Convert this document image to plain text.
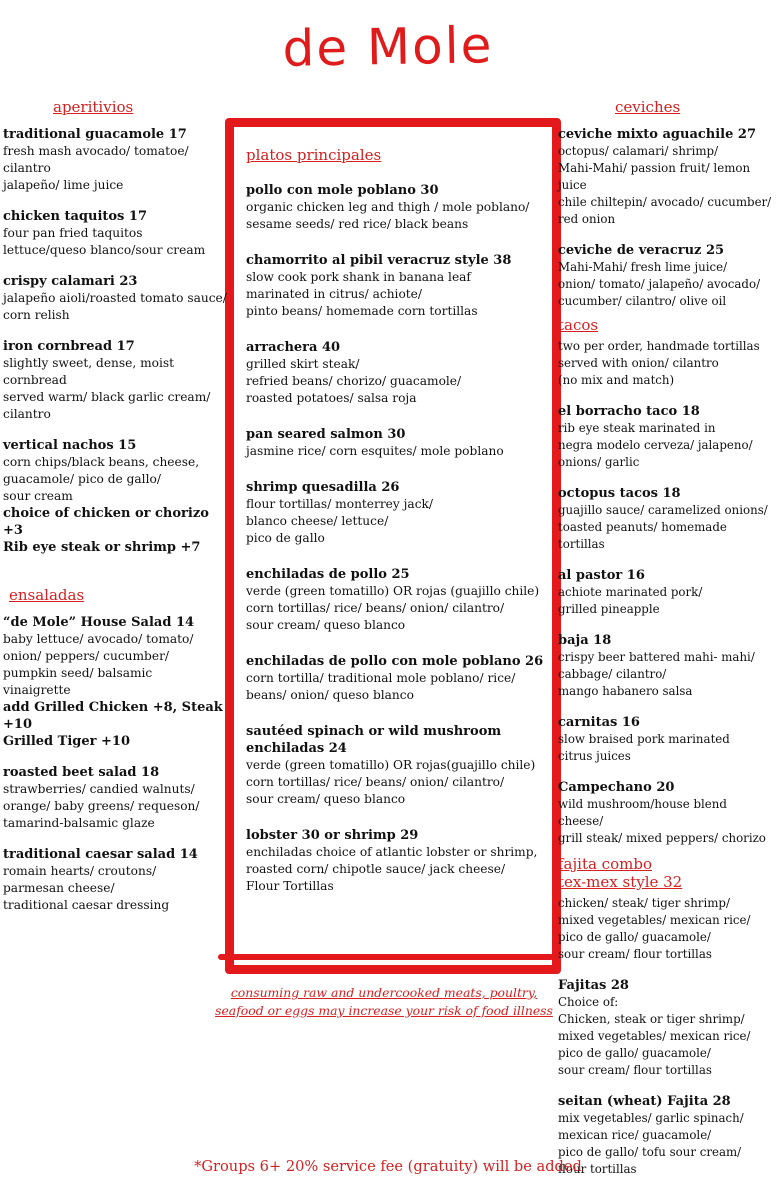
de Mole
aperitivios
traditional guacamole 17
fresh mash avocado/ tomatoe/ cilantro
jalapeño/ lime juice
chicken taquitos 17
four pan fried taquitos
lettuce/queso blanco/sour cream
crispy calamari 23
jalapeño aioli/roasted tomato sauce/
corn relish
iron cornbread 17
slightly sweet, dense, moist cornbread
served warm/ black garlic cream/
cilantro
vertical nachos 15
corn chips/black beans, cheese,
guacamole/ pico de gallo/
sour cream
choice of chicken or chorizo +3
Rib eye steak or shrimp +7
ensaladas
“de Mole” House Salad 14
baby lettuce/ avocado/ tomato/
onion/ peppers/ cucumber/
pumpkin seed/ balsamic
vinaigrette
add Grilled Chicken +8, Steak +10
Grilled Tiger +10
roasted beet salad 18
strawberries/ candied walnuts/
orange/ baby greens/ requeson/
tamarind-balsamic glaze
traditional caesar salad 14
romain hearts/ croutons/
parmesan cheese/
traditional caesar dressing
platos principales
pollo con mole poblano 30
organic chicken leg and thigh / mole poblano/
sesame seeds/ red rice/ black beans
chamorrito al pibil veracruz style 38
slow cook pork shank in banana leaf
marinated in citrus/ achiote/
pinto beans/ homemade corn tortillas
arrachera 40
grilled skirt steak/
refried beans/ chorizo/ guacamole/
roasted potatoes/ salsa roja
pan seared salmon 30
jasmine rice/ corn esquites/ mole poblano
shrimp quesadilla 26
flour tortillas/ monterrey jack/
blanco cheese/ lettuce/
pico de gallo
enchiladas de pollo 25
verde (green tomatillo) OR rojas (guajillo chile)
corn tortillas/ rice/ beans/ onion/ cilantro/
sour cream/ queso blanco
enchiladas de pollo con mole poblano 26
corn tortilla/ traditional mole poblano/ rice/
beans/ onion/ queso blanco
sautéed spinach or wild mushroom
enchiladas 24
verde (green tomatillo) OR rojas(guajillo chile)
corn tortillas/ rice/ beans/ onion/ cilantro/
sour cream/ queso blanco
lobster 30 or shrimp 29
enchiladas choice of atlantic lobster or shrimp,
roasted corn/ chipotle sauce/ jack cheese/
Flour Tortillas
ceviches
ceviche mixto aguachile 27
octopus/ calamari/ shrimp/
Mahi-Mahi/ passion fruit/ lemon juice
chile chiltepin/ avocado/ cucumber/
red onion
ceviche de veracruz 25
Mahi-Mahi/ fresh lime juice/
onion/ tomato/ jalapeño/ avocado/
cucumber/ cilantro/ olive oil
tacos
two per order, handmade tortillas
served with onion/ cilantro
(no mix and match)
el borracho taco 18
rib eye steak marinated in
negra modelo cerveza/ jalapeno/
onions/ garlic
octopus tacos 18
guajillo sauce/ caramelized onions/
toasted peanuts/ homemade tortillas
al pastor 16
achiote marinated pork/
grilled pineapple
baja 18
crispy beer battered mahi- mahi/
cabbage/ cilantro/
mango habanero salsa
carnitas 16
slow braised pork marinated
citrus juices
Campechano 20
wild mushroom/house blend cheese/
grill steak/ mixed peppers/ chorizo
fajita combo
tex-mex style 32
chicken/ steak/ tiger shrimp/
mixed vegetables/ mexican rice/
pico de gallo/ guacamole/
sour cream/ flour tortillas
Fajitas 28
Choice of:
Chicken, steak or tiger shrimp/
mixed vegetables/ mexican rice/
pico de gallo/ guacamole/
sour cream/ flour tortillas
seitan (wheat) Fajita 28
mix vegetables/ garlic spinach/
mexican rice/ guacamole/
pico de gallo/ tofu sour cream/
flour tortillas
consuming raw and undercooked meats, poultry,
seafood or eggs may increase your risk of food illness
*Groups 6+ 20% service fee (gratuity) will be added
